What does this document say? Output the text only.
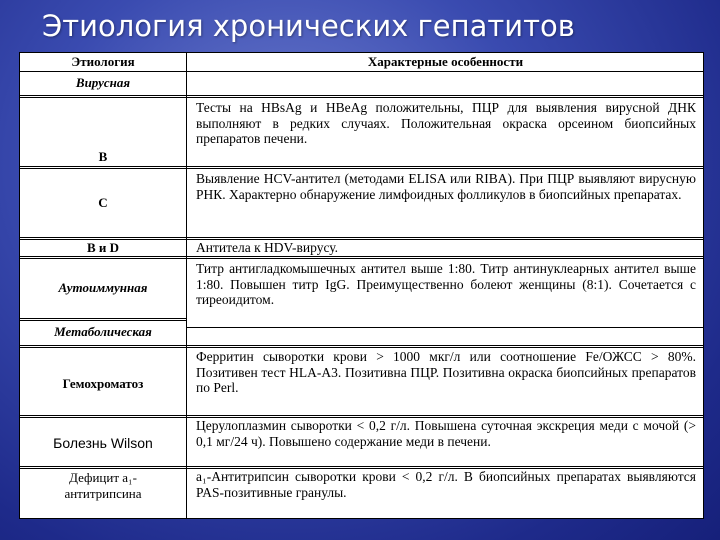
Этиология хронических гепатитов
Этиология	Характерные особенности
Вирусная
B
Тесты на HBsAg и HBeAg положительны, ПЦР для выявления вирусной ДНК выполняют в редких случаях. Положительная окраска орсеином биопсийных препаратов печени.
C
Выявление HCV-антител (методами ELISA или RIBA). При ПЦР выявляют вирусную РНК. Характерно обнаружение лимфоидных фолликулов в биопсийных препаратах.
B и D	Антитела к HDV-вирусу.
Аутоиммунная
Титр антигладкомышечных антител выше 1:80. Титр антинуклеарных антител выше 1:80. Повышен титр IgG. Преимущественно болеют женщины (8:1). Сочетается с тиреоидитом.
Метаболическая
Гемохроматоз
Ферритин сыворотки крови > 1000 мкг/л или соотношение Fe/ОЖСС > 80%. Позитивен тест HLA-A3. Позитивна ПЦР. Позитивна окраска биопсийных препаратов по Perl.
Болезнь Wilson
Церулоплазмин сыворотки < 0,2 г/л. Повышена суточная экскреция меди с мочой (> 0,1 мг/24 ч). Повышено содержание меди в печени.
Дефицит a₁-антитрипсина
a₁-Антитрипсин сыворотки крови < 0,2 г/л. В биопсийных препаратах выявляются PAS-позитивные гранулы.
